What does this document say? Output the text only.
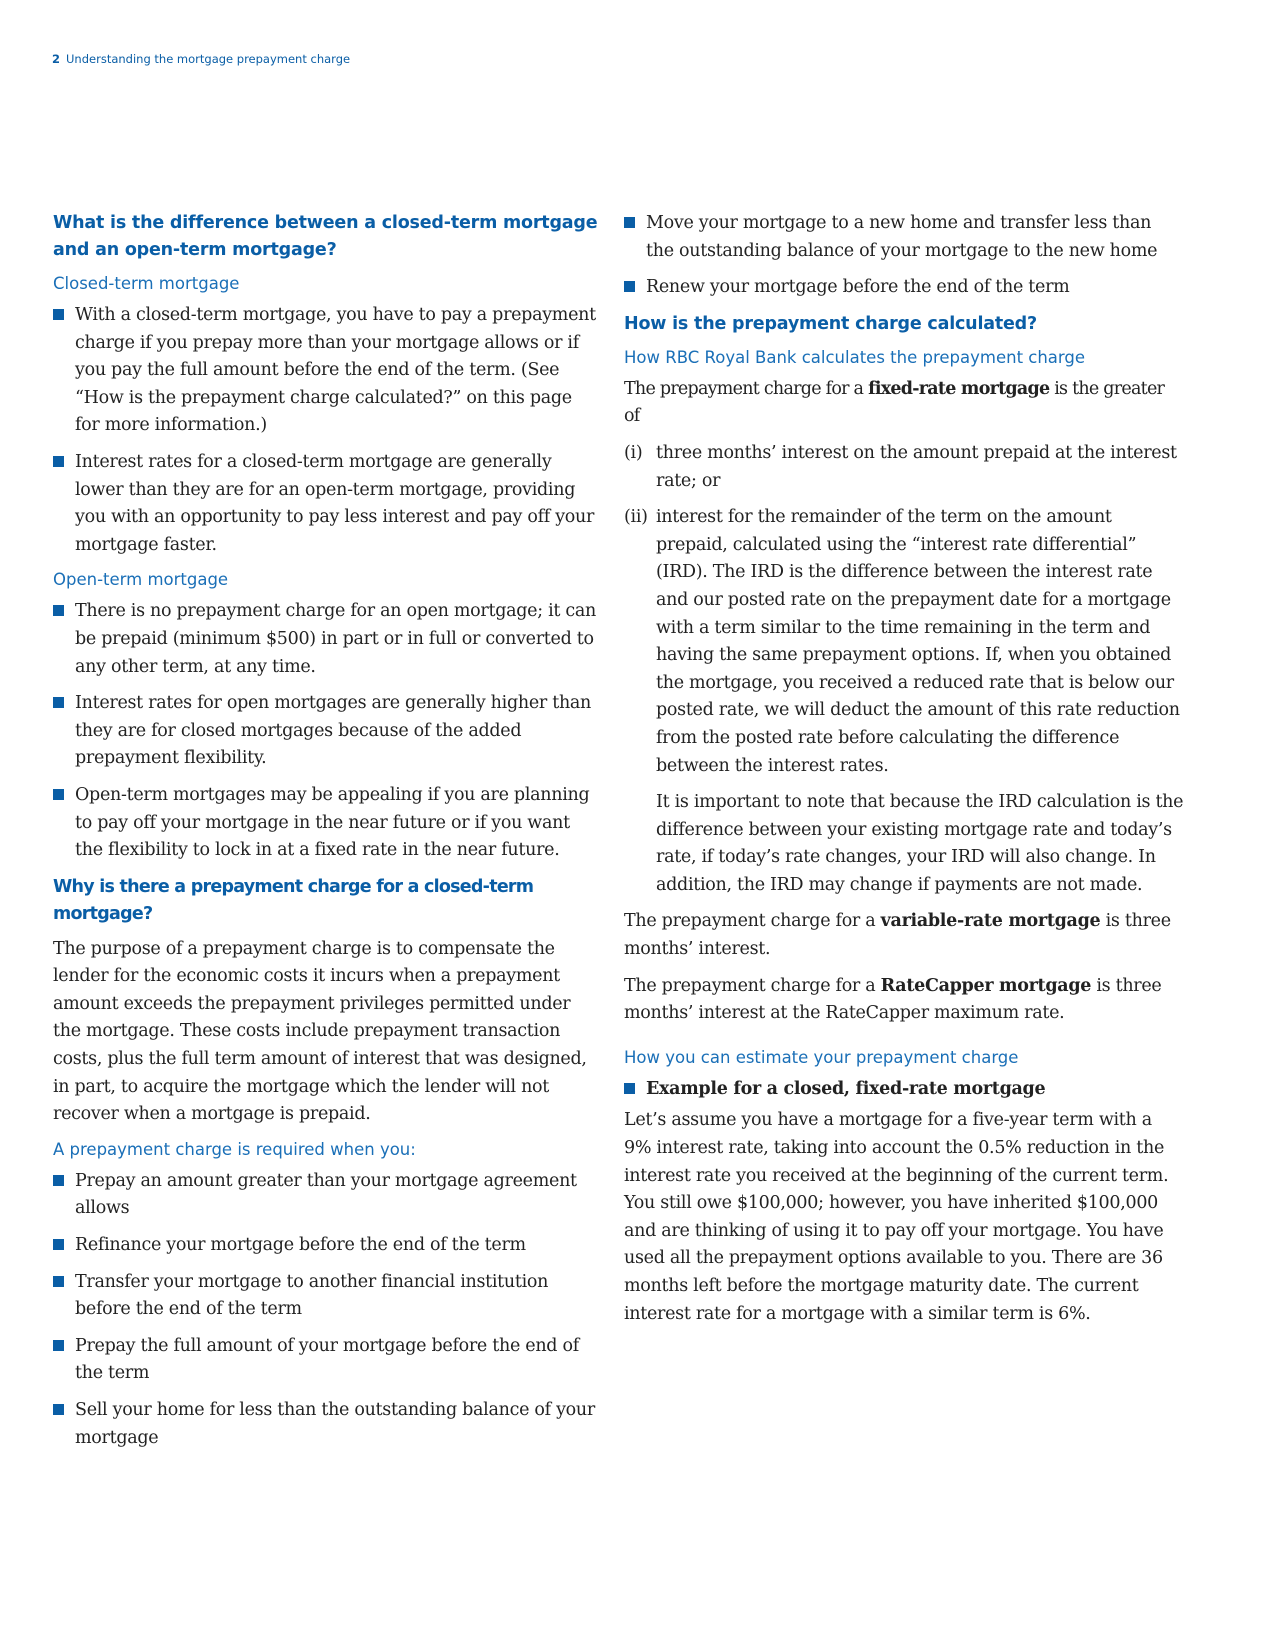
2 Understanding the mortgage prepayment charge
What is the difference between a closed-term mortgage
and an open-term mortgage?
Closed-term mortgage
With a closed-term mortgage, you have to pay a prepayment charge if you prepay more than your mortgage allows or if you pay the full amount before the end of the term. (See “How is the prepayment charge calculated?” on this page for more information.)
Interest rates for a closed-term mortgage are generally lower than they are for an open-term mortgage, providing you with an opportunity to pay less interest and pay off your mortgage faster.
Open-term mortgage
There is no prepayment charge for an open mortgage; it can be prepaid (minimum $500) in part or in full or converted to any other term, at any time.
Interest rates for open mortgages are generally higher than they are for closed mortgages because of the added prepayment flexibility.
Open-term mortgages may be appealing if you are planning to pay off your mortgage in the near future or if you want the flexibility to lock in at a fixed rate in the near future.
Why is there a prepayment charge for a closed-term mortgage?

The purpose of a prepayment charge is to compensate the lender for the economic costs it incurs when a prepayment amount exceeds the prepayment privileges permitted under the mortgage. These costs include prepayment transaction costs, plus the full term amount of interest that was designed, in part, to acquire the mortgage which the lender will not recover when a mortgage is prepaid.

A prepayment charge is required when you:
Prepay an amount greater than your mortgage agreement allows
Refinance your mortgage before the end of the term
Transfer your mortgage to another financial institution before the end of the term
Prepay the full amount of your mortgage before the end of the term
Sell your home for less than the outstanding balance of your mortgage
Move your mortgage to a new home and transfer less than the outstanding balance of your mortgage to the new home
Renew your mortgage before the end of the term
How is the prepayment charge calculated?
How RBC Royal Bank calculates the prepayment charge

The prepayment charge for a fixed-rate mortgage is the greater of

(i) three months’ interest on the amount prepaid at the interest rate; or
(ii) interest for the remainder of the term on the amount prepaid, calculated using the “interest rate differential” (IRD). The IRD is the difference between the interest rate and our posted rate on the prepayment date for a mortgage with a term similar to the time remaining in the term and having the same prepayment options. If, when you obtained the mortgage, you received a reduced rate that is below our posted rate, we will deduct the amount of this rate reduction from the posted rate before calculating the difference between the interest rates.

It is important to note that because the IRD calculation is the difference between your existing mortgage rate and today’s rate, if today’s rate changes, your IRD will also change. In addition, the IRD may change if payments are not made.

The prepayment charge for a variable-rate mortgage is three months’ interest.

The prepayment charge for a RateCapper mortgage is three months’ interest at the RateCapper maximum rate.

How you can estimate your prepayment charge
Example for a closed, fixed-rate mortgage

Let’s assume you have a mortgage for a five-year term with a 9% interest rate, taking into account the 0.5% reduction in the interest rate you received at the beginning of the current term. You still owe $100,000; however, you have inherited $100,000 and are thinking of using it to pay off your mortgage. You have used all the prepayment options available to you. There are 36 months left before the mortgage maturity date. The current interest rate for a mortgage with a similar term is 6%.
